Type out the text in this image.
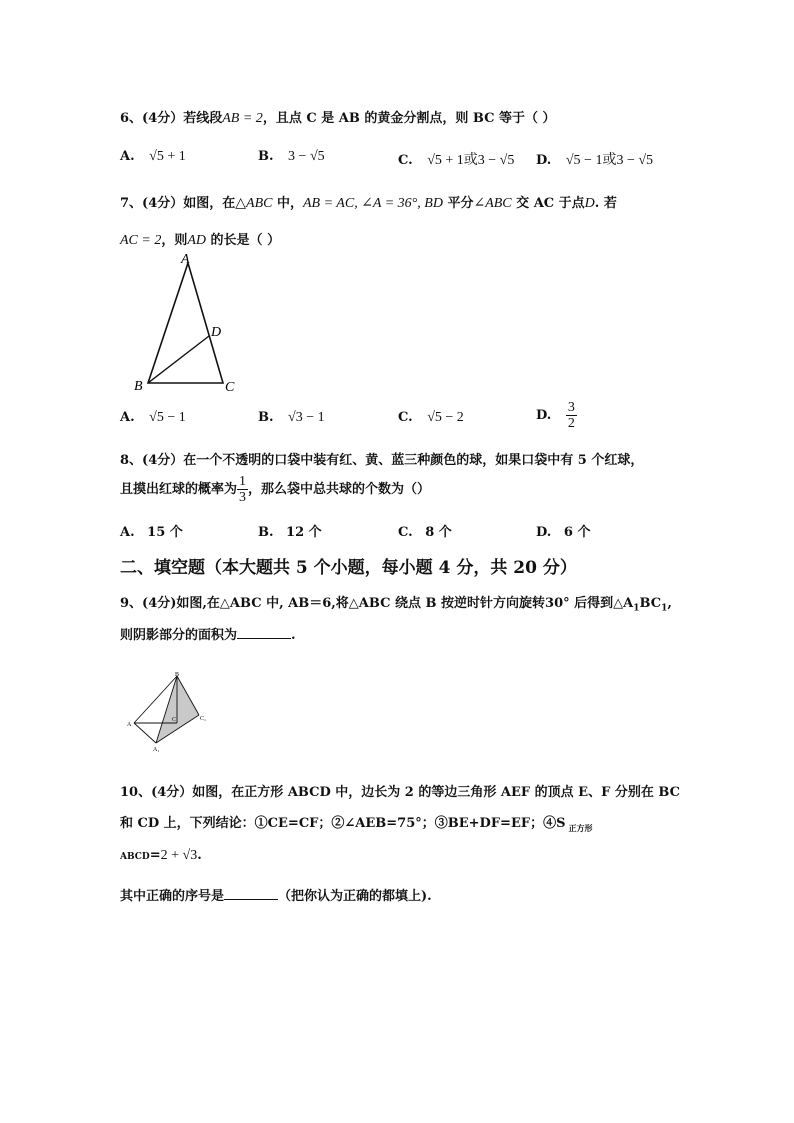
6、(4分）若线段AB = 2，且点 C 是 AB 的黄金分割点，则 BC 等于（ ）
A. √5 + 1	B. 3 − √5	C. √5 + 1或3 − √5 D. √5 − 1或3 − √5
7、(4分）如图，在△ABC 中，AB = AC, ∠A = 36°, BD 平分∠ABC 交 AC 于点D. 若
AC = 2，则AD 的长是（ ）
A
D
B	C
A. √5 − 1	B. √3 − 1	C. √5 − 2	D. $\frac{3}{2}$
8、(4分）在一个不透明的口袋中装有红、黄、蓝三种颜色的球，如果口袋中有 5 个红球，
且摸出红球的概率为 $\frac{1}{3}$ ，那么袋中总共球的个数为（）
A. 15 个	B. 12 个	C. 8 个	D. 6 个
二、填空题（本大题共 5 个小题，每小题 4 分，共 20 分）
9、(4分)如图,在△ABC 中, AB＝6,将△ABC 绕点 B 按逆时针方向旋转30° 后得到$\triangle A_1BC_1$,
则阴影部分的面积为	.
B
A
C	C₁
A₁
10、(4分）如图，在正方形 ABCD 中，边长为 2 的等边三角形 AEF 的顶点 E、F 分别在 BC
和 CD 上，下列结论：①CE=CF；②∠AEB=75°；③BE+DF=EF；④S $_{正方形}$
ABCD=2 + √3.
其中正确的序号是	（把你认为正确的都填上).
